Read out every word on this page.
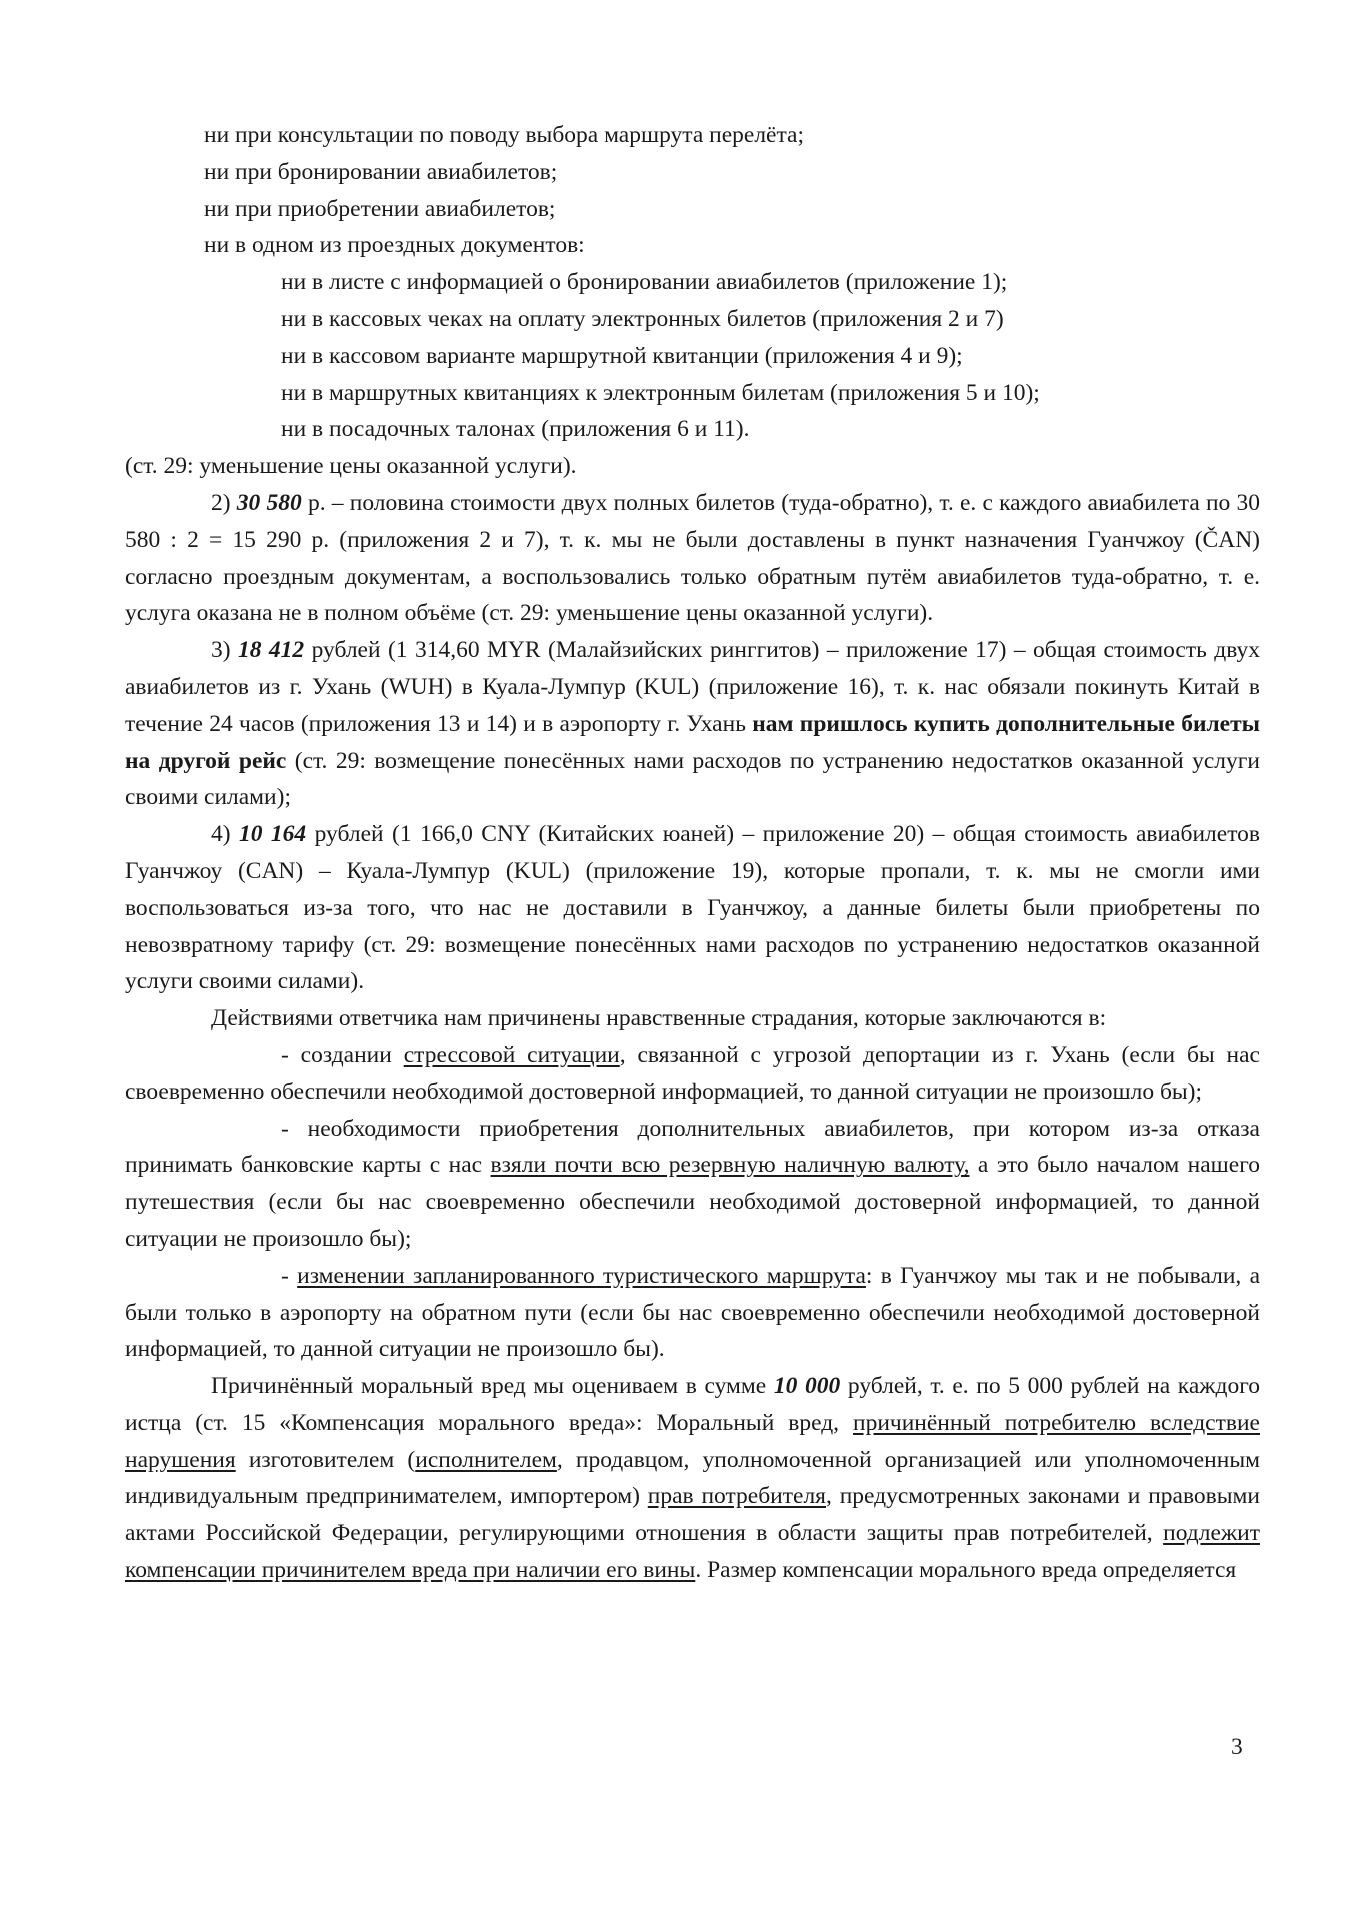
ни при консультации по поводу выбора маршрута перелёта;

ни при бронировании авиабилетов;

ни при приобретении авиабилетов;

ни в одном из проездных документов:

ни в листе с информацией о бронировании авиабилетов (приложение 1);

ни в кассовых чеках на оплату электронных билетов (приложения 2 и 7)

ни в кассовом варианте маршрутной квитанции (приложения 4 и 9);

ни в маршрутных квитанциях к электронным билетам (приложения 5 и 10);

ни в посадочных талонах (приложения 6 и 11).

(ст. 29: уменьшение цены оказанной услуги).

2) 30 580 р. – половина стоимости двух полных билетов (туда-обратно), т. е. с каждого авиабилета по 30 580 : 2 = 15 290 р. (приложения 2 и 7), т. к. мы не были доставлены в пункт назначения Гуанчжоу (ČAN) согласно проездным документам, а воспользовались только обратным путём авиабилетов туда-обратно, т. е. услуга оказана не в полном объёме (ст. 29: уменьшение цены оказанной услуги).

3) 18 412 рублей (1 314,60 MYR (Малайзийских ринггитов) – приложение 17) – общая стоимость двух авиабилетов из г. Ухань (WUH) в Куала-Лумпур (KUL) (приложение 16), т. к. нас обязали покинуть Китай в течение 24 часов (приложения 13 и 14) и в аэропорту г. Ухань нам пришлось купить дополнительные билеты на другой рейс (ст. 29: возмещение понесённых нами расходов по устранению недостатков оказанной услуги своими силами);

4) 10 164 рублей (1 166,0 CNY (Китайских юаней) – приложение 20) – общая стоимость авиабилетов Гуанчжоу (CAN) – Куала-Лумпур (KUL) (приложение 19), которые пропали, т. к. мы не смогли ими воспользоваться из-за того, что нас не доставили в Гуанчжоу, а данные билеты были приобретены по невозвратному тарифу (ст. 29: возмещение понесённых нами расходов по устранению недостатков оказанной услуги своими силами).

Действиями ответчика нам причинены нравственные страдания, которые заключаются в:

- создании стрессовой ситуации, связанной с угрозой депортации из г. Ухань (если бы нас своевременно обеспечили необходимой достоверной информацией, то данной ситуации не произошло бы);

- необходимости приобретения дополнительных авиабилетов, при котором из-за отказа принимать банковские карты с нас взяли почти всю резервную наличную валюту, а это было началом нашего путешествия (если бы нас своевременно обеспечили необходимой достоверной информацией, то данной ситуации не произошло бы);

- изменении запланированного туристического маршрута: в Гуанчжоу мы так и не побывали, а были только в аэропорту на обратном пути (если бы нас своевременно обеспечили необходимой достоверной информацией, то данной ситуации не произошло бы).

Причинённый моральный вред мы оцениваем в сумме 10 000 рублей, т. е. по 5 000 рублей на каждого истца (ст. 15 «Компенсация морального вреда»: Моральный вред, причинённый потребителю вследствие нарушения изготовителем (исполнителем, продавцом, уполномоченной организацией или уполномоченным индивидуальным предпринимателем, импортером) прав потребителя, предусмотренных законами и правовыми актами Российской Федерации, регулирующими отношения в области защиты прав потребителей, подлежит компенсации причинителем вреда при наличии его вины. Размер компенсации морального вреда определяется

3
